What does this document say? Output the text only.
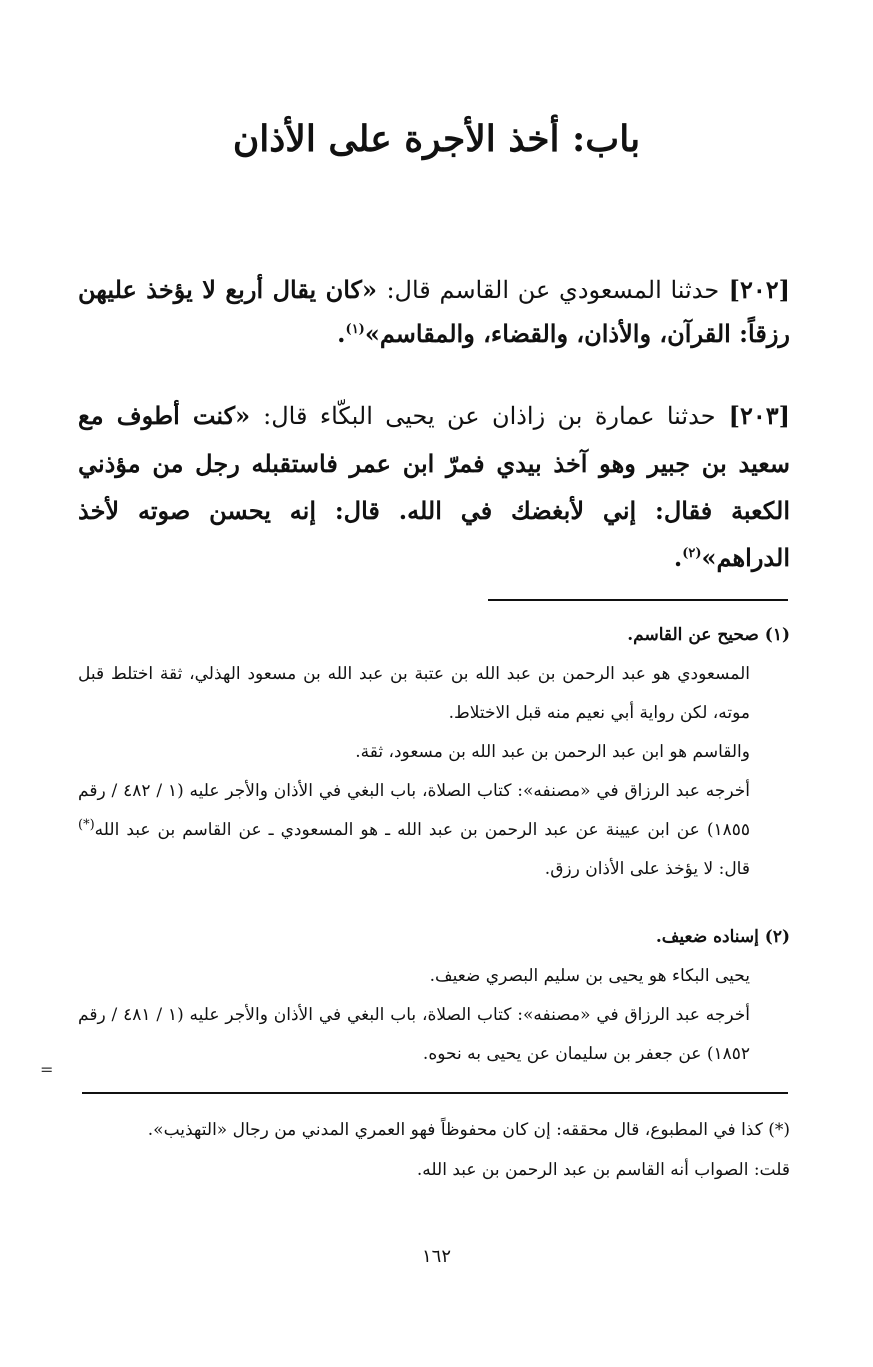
باب: أخذ الأجرة على الأذان
[٢٠٢] حدثنا المسعودي عن القاسم قال: «كان يقال أربع لا يؤخذ عليهن رزقاً: القرآن، والأذان، والقضاء، والمقاسم»$^{(١)}$.
[٢٠٣] حدثنا عمارة بن زاذان عن يحيى البكّاء قال: «كنت أطوف مع سعيد بن جبير وهو آخذ بيدي فمرّ ابن عمر فاستقبله رجل من مؤذني الكعبة فقال: إني لأبغضك في الله. قال: إنه يحسن صوته لأخذ الدراهم»$^{(٢)}$.
(١) صحيح عن القاسم.

المسعودي هو عبد الرحمن بن عبد الله بن عتبة بن عبد الله بن مسعود الهذلي، ثقة اختلط قبل موته، لكن رواية أبي نعيم منه قبل الاختلاط.

والقاسم هو ابن عبد الرحمن بن عبد الله بن مسعود، ثقة.

أخرجه عبد الرزاق في «مصنفه»: كتاب الصلاة، باب البغي في الأذان والأجر عليه (١ / ٤٨٢ / رقم ١٨٥٥) عن ابن عيينة عن عبد الرحمن بن عبد الله ـ هو المسعودي ـ عن القاسم بن عبد الله(*) قال: لا يؤخذ على الأذان رزق.

(٢) إسناده ضعيف.

يحيى البكاء هو يحيى بن سليم البصري ضعيف.

أخرجه عبد الرزاق في «مصنفه»: كتاب الصلاة، باب البغي في الأذان والأجر عليه (١ / ٤٨١ / رقم ١٨٥٢) عن جعفر بن سليمان عن يحيى به نحوه.

=

(*) كذا في المطبوع، قال محققه: إن كان محفوظاً فهو العمري المدني من رجال «التهذيب».

قلت: الصواب أنه القاسم بن عبد الرحمن بن عبد الله.

١٦٢
